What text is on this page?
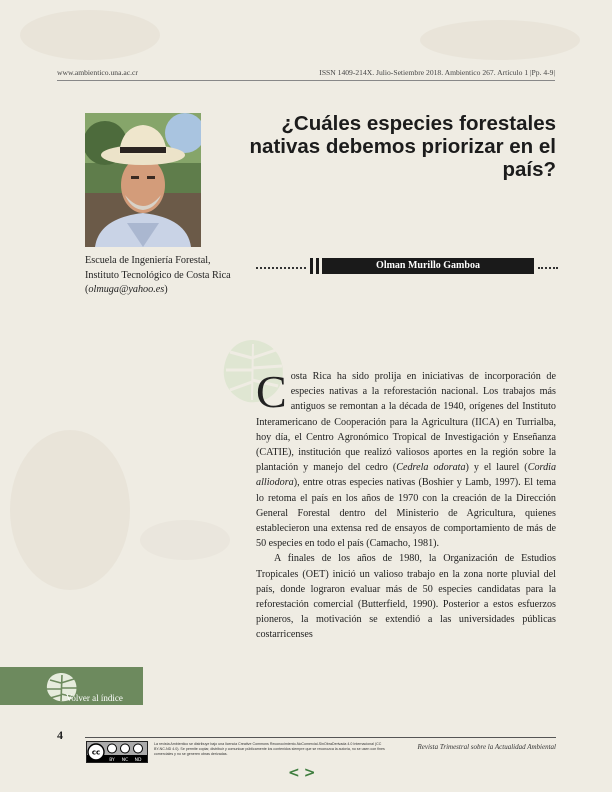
www.ambientico.una.ac.cr	ISSN 1409-214X. Julio-Setiembre 2018. Ambientico 267. Artículo 1 |Pp. 4-9|
¿Cuáles especies forestales nativas debemos priorizar en el país?
Escuela de Ingeniería Forestal, Instituto Tecnológico de Costa Rica (olmuga@yahoo.es)
Olman Murillo Gamboa

Costa Rica ha sido prolija en iniciativas de incorporación de especies nativas a la reforestación nacional. Los trabajos más antiguos se remontan a la década de 1940, orígenes del Instituto Interamericano de Cooperación para la Agricultura (IICA) en Turrialba, hoy día, el Centro Agronómico Tropical de Investigación y Enseñanza (CATIE), institución que realizó valiosos aportes en la región sobre la plantación y manejo del cedro (Cedrela odorata) y el laurel (Cordia alliodora), entre otras especies nativas (Boshier y Lamb, 1997). El tema lo retoma el país en los años de 1970 con la creación de la Dirección General Forestal dentro del Ministerio de Agricultura, quienes establecieron una extensa red de ensayos de comportamiento de más de 50 especies en todo el país (Camacho, 1981).

A finales de los años de 1980, la Organización de Estudios Tropicales (OET) inició un valioso trabajo en la zona norte pluvial del país, donde lograron evaluar más de 50 especies candidatas para la reforestación comercial (Butterfield, 1990). Posterior a estos esfuerzos pioneros, la motivación se extendió a las universidades públicas costarricenses

Volver al índice
4
cc
BY NC ND
La revista Ambientico se distribuye bajo una licencia Creative Commons Reconocimiento-NoComercial-SinObraDerivada 4.0 Internacional (CC BY-NC-ND 4.0). Se permite copiar, distribuir y comunicar públicamente los contenidos siempre que se reconozca la autoría, no se usen con fines comerciales y no se generen obras derivadas.
Revista Trimestral sobre la Actualidad Ambiental
<>
